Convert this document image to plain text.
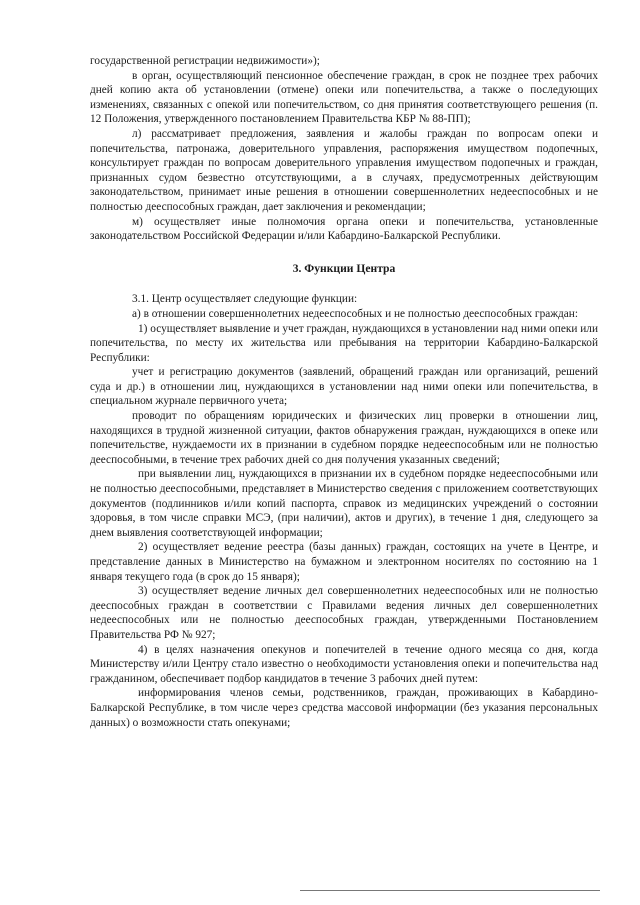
государственной регистрации недвижимости»);

в орган, осуществляющий пенсионное обеспечение граждан, в срок не позднее трех рабочих дней копию акта об установлении (отмене) опеки или попечительства, а также о последующих изменениях, связанных с опекой или попечительством, со дня принятия соответствующего решения (п. 12 Положения, утвержденного постановлением Правительства КБР № 88-ПП);

л) рассматривает предложения, заявления и жалобы граждан по вопросам опеки и попечительства, патронажа, доверительного управления, распоряжения имуществом подопечных, консультирует граждан по вопросам доверительного управления имуществом подопечных и граждан, признанных судом безвестно отсутствующими, а в случаях, предусмотренных действующим законодательством, принимает иные решения в отношении совершеннолетних недееспособных и не полностью дееспособных граждан, дает заключения и рекомендации;

м) осуществляет иные полномочия органа опеки и попечительства, установленные законодательством Российской Федерации и/или Кабардино-Балкарской Республики.

3. Функции Центра

3.1. Центр осуществляет следующие функции:

а) в отношении совершеннолетних недееспособных и не полностью дееспособных граждан:

1) осуществляет выявление и учет граждан, нуждающихся в установлении над ними опеки или попечительства, по месту их жительства или пребывания на территории Кабардино-Балкарской Республики:

учет и регистрацию документов (заявлений, обращений граждан или организаций, решений суда и др.) в отношении лиц, нуждающихся в установлении над ними опеки или попечительства, в специальном журнале первичного учета;

проводит по обращениям юридических и физических лиц проверки в отношении лиц, находящихся в трудной жизненной ситуации, фактов обнаружения граждан, нуждающихся в опеке или попечительстве, нуждаемости их в признании в судебном порядке недееспособным или не полностью дееспособными, в течение трех рабочих дней со дня получения указанных сведений;

при выявлении лиц, нуждающихся в признании их в судебном порядке недееспособными или не полностью дееспособными, представляет в Министерство сведения с приложением соответствующих документов (подлинников и/или копий паспорта, справок из медицинских учреждений о состоянии здоровья, в том числе справки МСЭ, (при наличии), актов и других), в течение 1 дня, следующего за днем выявления соответствующей информации;

2) осуществляет ведение реестра (базы данных) граждан, состоящих на учете в Центре, и представление данных в Министерство на бумажном и электронном носителях по состоянию на 1 января текущего года (в срок до 15 января);

3) осуществляет ведение личных дел совершеннолетних недееспособных или не полностью дееспособных граждан в соответствии с Правилами ведения личных дел совершеннолетних недееспособных или не полностью дееспособных граждан, утвержденными Постановлением Правительства РФ № 927;

4) в целях назначения опекунов и попечителей в течение одного месяца со дня, когда Министерству и/или Центру стало известно о необходимости установления опеки и попечительства над гражданином, обеспечивает подбор кандидатов в течение 3 рабочих дней путем:

информирования членов семьи, родственников, граждан, проживающих в Кабардино-Балкарской Республике, в том числе через средства массовой информации (без указания персональных данных) о возможности стать опекунами;
